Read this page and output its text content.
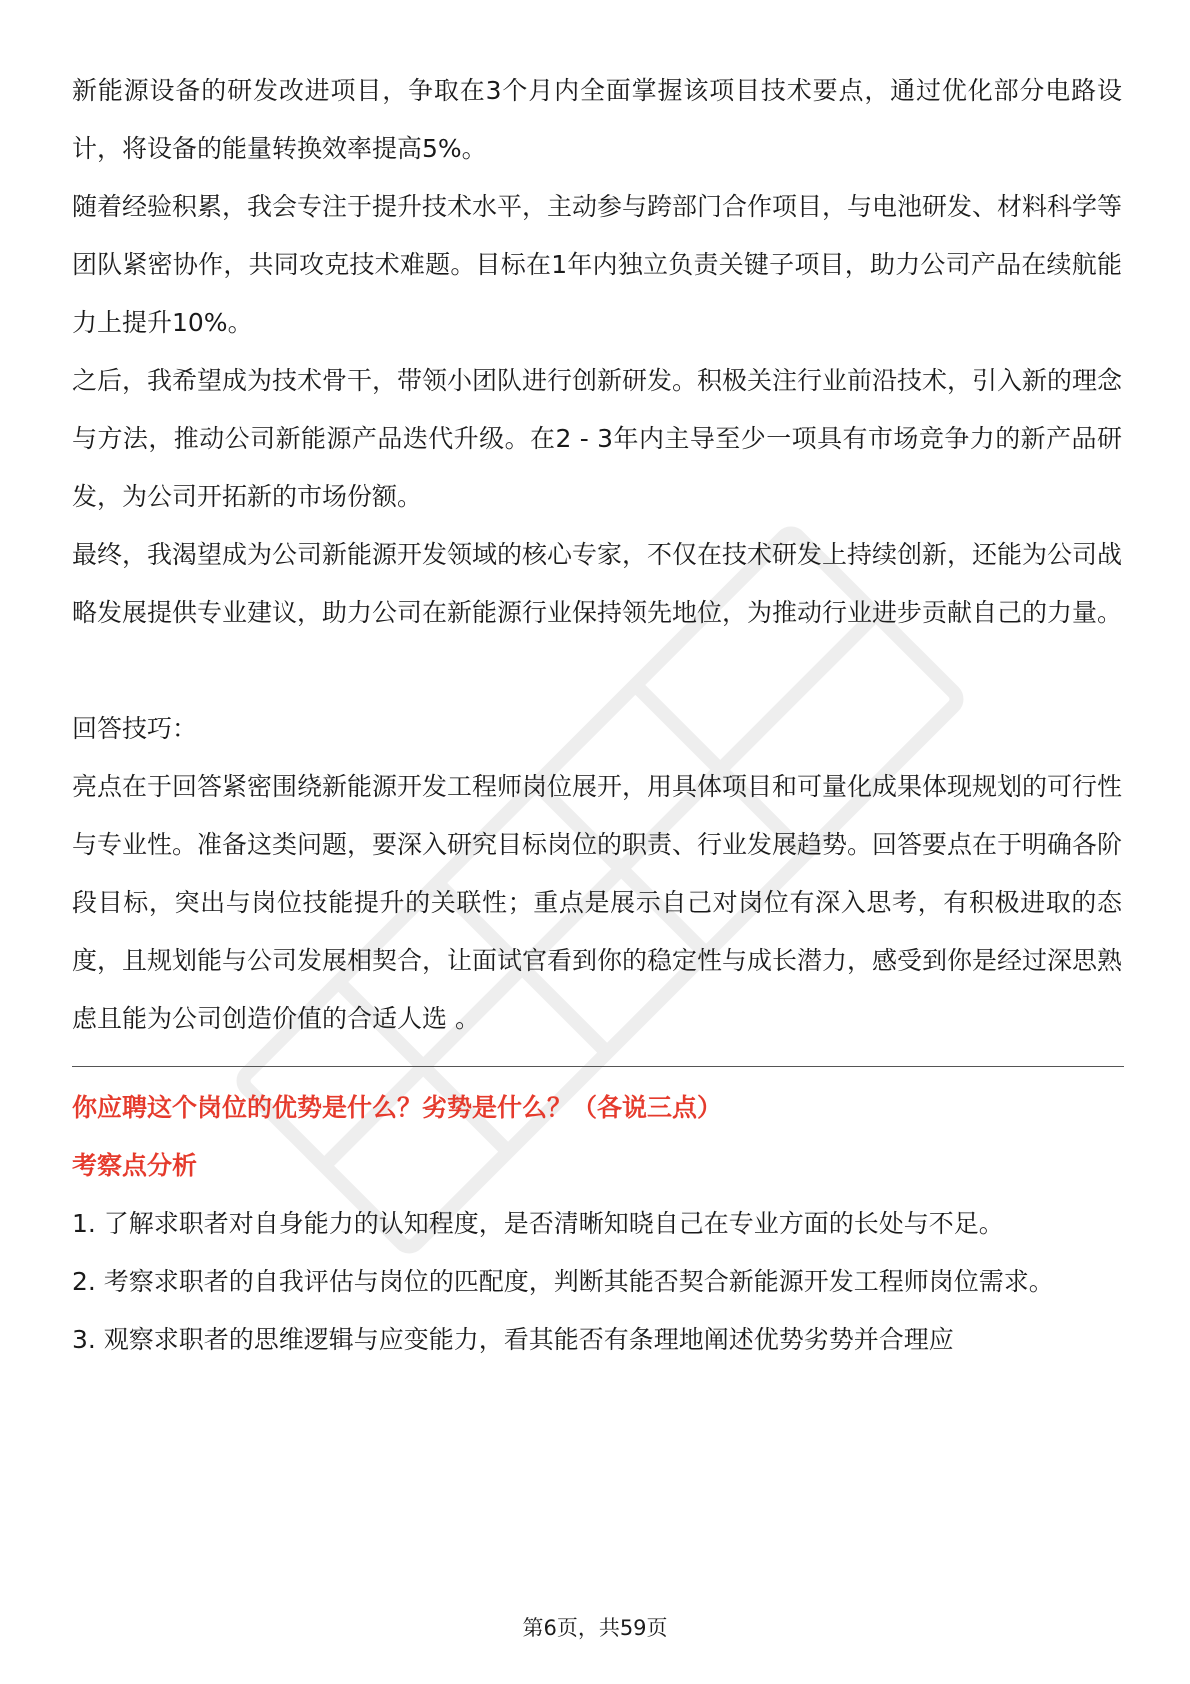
新能源设备的研发改进项目，争取在3个月内全面掌握该项目技术要点，通过优化部分电路设计，将设备的能量转换效率提高5%。

随着经验积累，我会专注于提升技术水平，主动参与跨部门合作项目，与电池研发、材料科学等团队紧密协作，共同攻克技术难题。目标在1年内独立负责关键子项目，助力公司产品在续航能力上提升10%。

之后，我希望成为技术骨干，带领小团队进行创新研发。积极关注行业前沿技术，引入新的理念与方法，推动公司新能源产品迭代升级。在2 - 3年内主导至少一项具有市场竞争力的新产品研发，为公司开拓新的市场份额。

最终，我渴望成为公司新能源开发领域的核心专家，不仅在技术研发上持续创新，还能为公司战略发展提供专业建议，助力公司在新能源行业保持领先地位，为推动行业进步贡献自己的力量。

回答技巧：

亮点在于回答紧密围绕新能源开发工程师岗位展开，用具体项目和可量化成果体现规划的可行性与专业性。准备这类问题，要深入研究目标岗位的职责、行业发展趋势。回答要点在于明确各阶段目标，突出与岗位技能提升的关联性；重点是展示自己对岗位有深入思考，有积极进取的态度，且规划能与公司发展相契合，让面试官看到你的稳定性与成长潜力，感受到你是经过深思熟虑且能为公司创造价值的合适人选 。

你应聘这个岗位的优势是什么？劣势是什么？（各说三点）

考察点分析

1. 了解求职者对自身能力的认知程度，是否清晰知晓自己在专业方面的长处与不足。

2. 考察求职者的自我评估与岗位的匹配度，判断其能否契合新能源开发工程师岗位需求。

3. 观察求职者的思维逻辑与应变能力，看其能否有条理地阐述优势劣势并合理应

第6页，共59页
